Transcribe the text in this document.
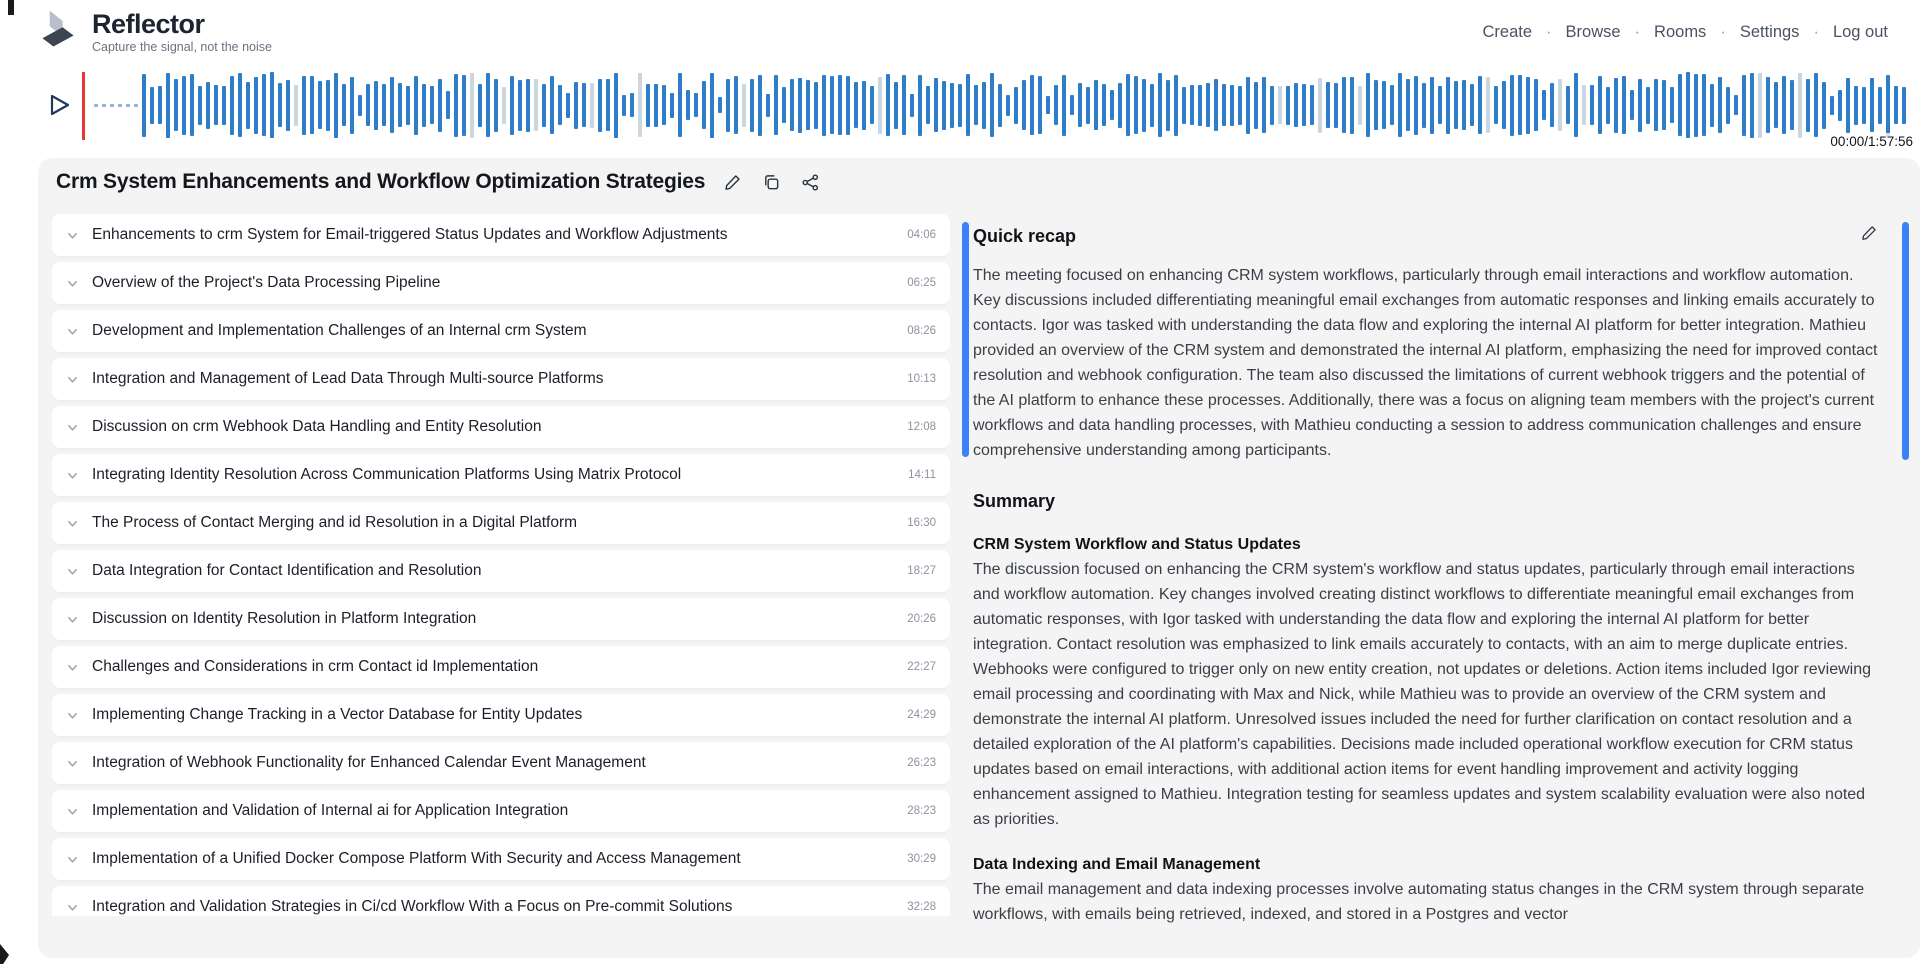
Reflector
Capture the signal, not the noise
Create · Browse · Rooms · Settings · Log out
00:00/1:57:56
Crm System Enhancements and Workflow Optimization Strategies
Enhancements to crm System for Email-triggered Status Updates and Workflow Adjustments	04:06
Overview of the Project's Data Processing Pipeline	06:25
Development and Implementation Challenges of an Internal crm System	08:26
Integration and Management of Lead Data Through Multi-source Platforms	10:13
Discussion on crm Webhook Data Handling and Entity Resolution	12:08
Integrating Identity Resolution Across Communication Platforms Using Matrix Protocol	14:11
The Process of Contact Merging and id Resolution in a Digital Platform	16:30
Data Integration for Contact Identification and Resolution	18:27
Discussion on Identity Resolution in Platform Integration	20:26
Challenges and Considerations in crm Contact id Implementation	22:27
Implementing Change Tracking in a Vector Database for Entity Updates	24:29
Integration of Webhook Functionality for Enhanced Calendar Event Management	26:23
Implementation and Validation of Internal ai for Application Integration	28:23
Implementation of a Unified Docker Compose Platform With Security and Access Management	30:29
Integration and Validation Strategies in Ci/cd Workflow With a Focus on Pre-commit Solutions	32:28
Quick recap

The meeting focused on enhancing CRM system workflows, particularly through email interactions and workflow automation. Key discussions included differentiating meaningful email exchanges from automatic responses and linking emails accurately to contacts. Igor was tasked with understanding the data flow and exploring the internal AI platform for better integration. Mathieu provided an overview of the CRM system and demonstrated the internal AI platform, emphasizing the need for improved contact resolution and webhook configuration. The team also discussed the limitations of current webhook triggers and the potential of the AI platform to enhance these processes. Additionally, there was a focus on aligning team members with the project's current workflows and data handling processes, with Mathieu conducting a session to address communication challenges and ensure comprehensive understanding among participants.

Summary
CRM System Workflow and Status Updates

The discussion focused on enhancing the CRM system's workflow and status updates, particularly through email interactions and workflow automation. Key changes involved creating distinct workflows to differentiate meaningful email exchanges from automatic responses, with Igor tasked with understanding the data flow and exploring the internal AI platform for better integration. Contact resolution was emphasized to link emails accurately to contacts, with an aim to merge duplicate entries. Webhooks were configured to trigger only on new entity creation, not updates or deletions. Action items included Igor reviewing email processing and coordinating with Max and Nick, while Mathieu was to provide an overview of the CRM system and demonstrate the internal AI platform. Unresolved issues included the need for further clarification on contact resolution and a detailed exploration of the AI platform's capabilities. Decisions made included operational workflow execution for CRM status updates based on email interactions, with additional action items for event handling improvement and activity logging enhancement assigned to Mathieu. Integration testing for seamless updates and system scalability evaluation were also noted as priorities.

Data Indexing and Email Management

The email management and data indexing processes involve automating status changes in the CRM system through separate workflows, with emails being retrieved, indexed, and stored in a Postgres and vector
